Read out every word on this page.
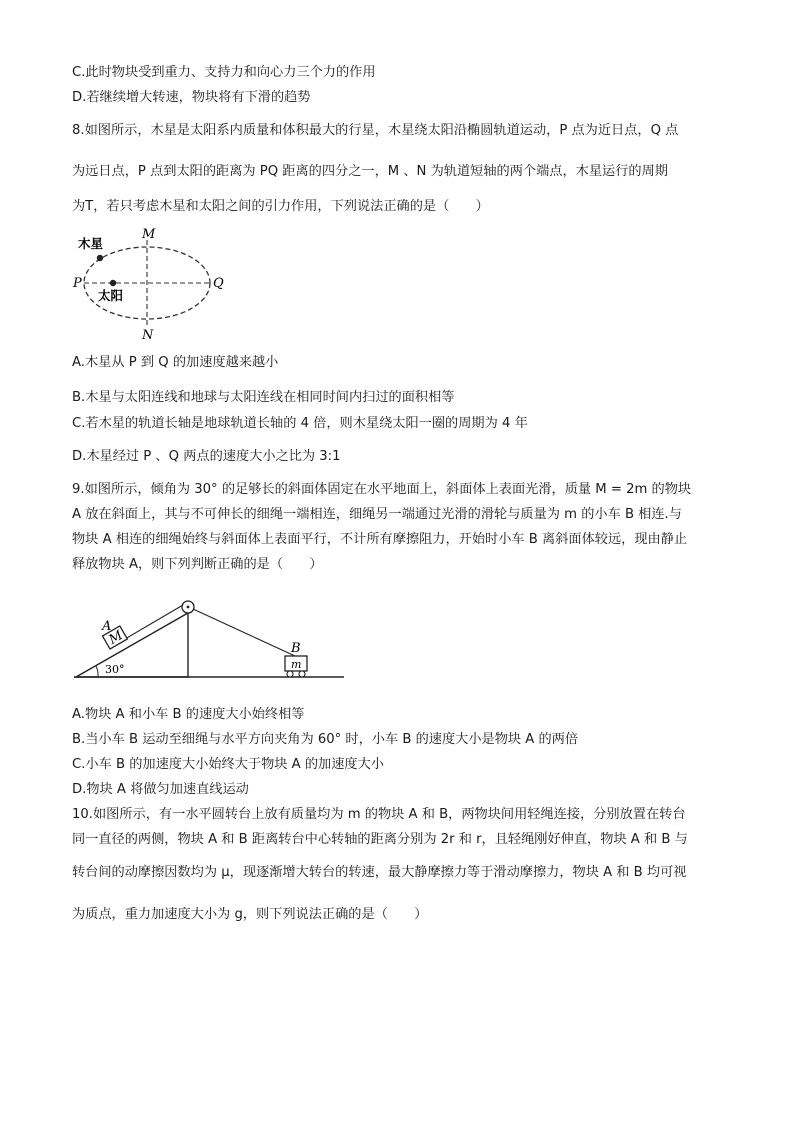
C.此时物块受到重力、支持力和向心力三个力的作用
D.若继续增大转速，物块将有下滑的趋势
8.如图所示，木星是太阳系内质量和体积最大的行星，木星绕太阳沿椭圆轨道运动，P 点为近日点，Q 点
为远日点，P 点到太阳的距离为 PQ 距离的四分之一，M 、N 为轨道短轴的两个端点，木星运行的周期
为T，若只考虑木星和太阳之间的引力作用，下列说法正确的是（　　）
木星
太阳
M
N
P	Q
A.木星从 P 到 Q 的加速度越来越小
B.木星与太阳连线和地球与太阳连线在相同时间内扫过的面积相等
C.若木星的轨道长轴是地球轨道长轴的 4 倍，则木星绕太阳一圈的周期为 4 年
D.木星经过 P 、Q 两点的速度大小之比为 3:1
9.如图所示，倾角为 30° 的足够长的斜面体固定在水平地面上，斜面体上表面光滑，质量 M = 2m 的物块
A 放在斜面上，其与不可伸长的细绳一端相连，细绳另一端通过光滑的滑轮与质量为 m 的小车 B 相连.与
物块 A 相连的细绳始终与斜面体上表面平行，不计所有摩擦阻力，开始时小车 B 离斜面体较远，现由静止
释放物块 A，则下列判断正确的是（　　）
M
A
30°	m
B
A.物块 A 和小车 B 的速度大小始终相等
B.当小车 B 运动至细绳与水平方向夹角为 60° 时，小车 B 的速度大小是物块 A 的两倍
C.小车 B 的加速度大小始终大于物块 A 的加速度大小
D.物块 A 将做匀加速直线运动
10.如图所示，有一水平圆转台上放有质量均为 m 的物块 A 和 B，两物块间用轻绳连接，分别放置在转台
同一直径的两侧，物块 A 和 B 距离转台中心转轴的距离分别为 2r 和 r，且轻绳刚好伸直，物块 A 和 B 与
转台间的动摩擦因数均为 μ，现逐渐增大转台的转速，最大静摩擦力等于滑动摩擦力，物块 A 和 B 均可视
为质点，重力加速度大小为 g，则下列说法正确的是（　　）
